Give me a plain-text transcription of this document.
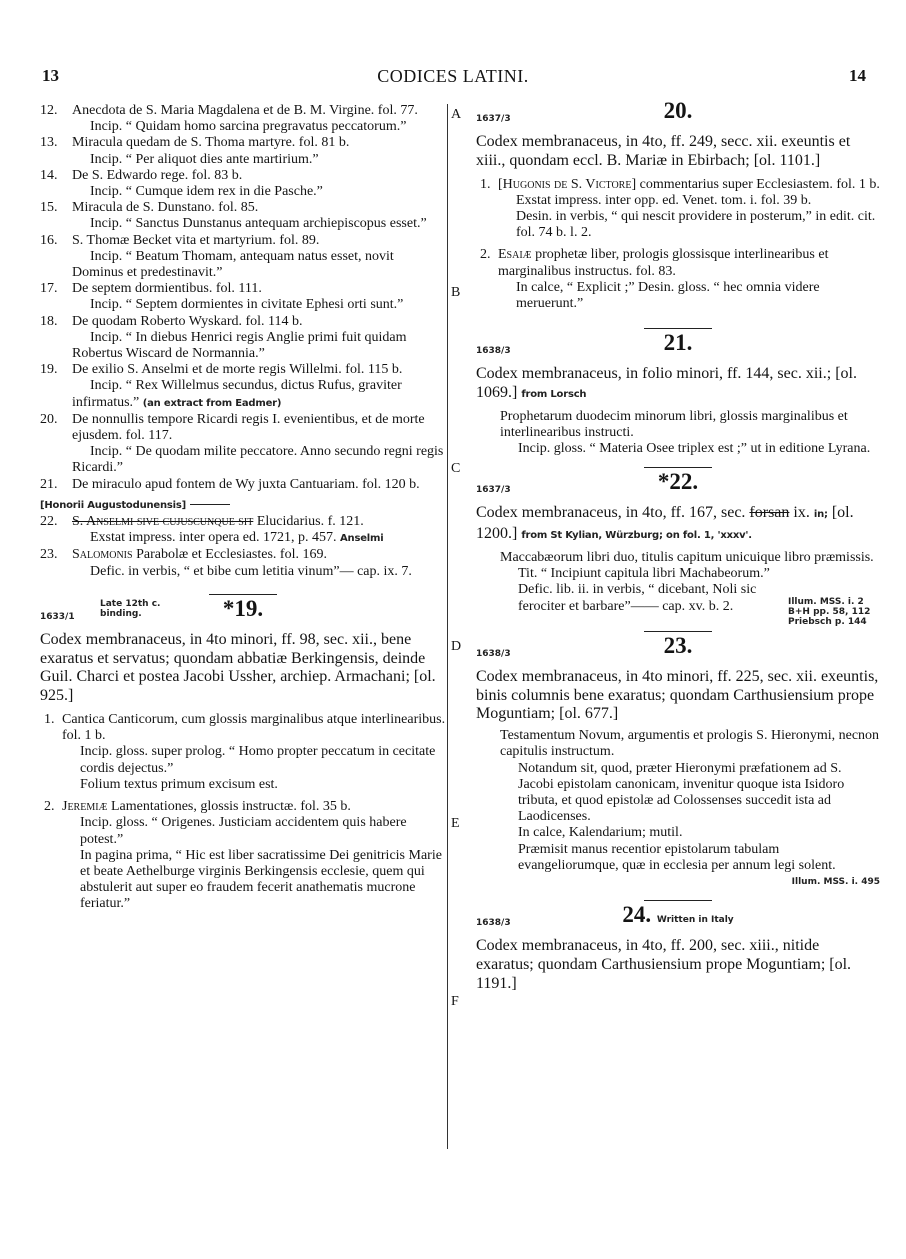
13	CODICES LATINI.	14
A
B
C
D
E
F
12. Anecdota de S. Maria Magdalena et de B. M. Virgine. fol. 77.
Incip. “ Quidam homo sarcina pregravatus peccatorum.”
13. Miracula quedam de S. Thoma martyre. fol. 81 b.
Incip. “ Per aliquot dies ante martirium.”
14. De S. Edwardo rege. fol. 83 b.
Incip. “ Cumque idem rex in die Pasche.”
15. Miracula de S. Dunstano. fol. 85.
Incip. “ Sanctus Dunstanus antequam archiepiscopus esset.”
16. S. Thomæ Becket vita et martyrium. fol. 89.
Incip. “ Beatum Thomam, antequam natus esset, novit Dominus et predestinavit.”
17. De septem dormientibus. fol. 111.
Incip. “ Septem dormientes in civitate Ephesi orti sunt.”
18. De quodam Roberto Wyskard. fol. 114 b.
Incip. “ In diebus Henrici regis Anglie primi fuit quidam Robertus Wiscard de Normannia.”
19. De exilio S. Anselmi et de morte regis Willelmi. fol. 115 b.
Incip. “ Rex Willelmus secundus, dictus Rufus, graviter infirmatus.” (an extract from Eadmer)
20. De nonnullis tempore Ricardi regis I. evenientibus, et de morte ejusdem. fol. 117.
Incip. “ De quodam milite peccatore. Anno secundo regni regis Ricardi.”
21. De miraculo apud fontem de Wy juxta Cantuariam. fol. 120 b.
[Honorii Augustodunensis]
22. S. Anselmi sive cujuscunque sit Elucidarius. f. 121.
Exstat impress. inter opera ed. 1721, p. 457. Anselmi
23. Salomonis Parabolæ et Ecclesiastes. fol. 169.
Defic. in verbis, “ et bibe cum letitia vinum”— cap. ix. 7.
1633/1
Late 12th c. binding.	*19.
Codex membranaceus, in 4to minori, ff. 98, sec. xii., bene exaratus et servatus; quondam abbatiæ Berkingensis, deinde Guil. Charci et postea Jacobi Ussher, archiep. Armachani; [ol. 925.]
1. Cantica Canticorum, cum glossis marginalibus atque interlinearibus. fol. 1 b.
Incip. gloss. super prolog. “ Homo propter peccatum in cecitate cordis dejectus.”
Folium textus primum excisum est.
2. Jeremiæ Lamentationes, glossis instructæ. fol. 35 b.
Incip. gloss. “ Origenes. Justiciam accidentem quis habere potest.”
In pagina prima, “ Hic est liber sacratissime Dei genitricis Marie et beate Aethelburge virginis Berkingensis ecclesie, quem qui abstulerit aut super eo fraudem fecerit anathematis mucrone feriatur.”
1637/3	20.
Codex membranaceus, in 4to, ff. 249, secc. xii. exeuntis et xiii., quondam eccl. B. Mariæ in Ebirbach; [ol. 1101.]
1. [Hugonis de S. Victore] commentarius super Ecclesiastem. fol. 1 b.
Exstat impress. inter opp. ed. Venet. tom. i. fol. 39 b.
Desin. in verbis, “ qui nescit providere in posterum,” in edit. cit. fol. 74 b. l. 2.
2. Esaiæ prophetæ liber, prologis glossisque interlinearibus et marginalibus instructus. fol. 83.
In calce, “ Explicit ;” Desin. gloss. “ hec omnia videre meruerunt.”
1638/3	21.
Codex membranaceus, in folio minori, ff. 144, sec. xii.; [ol. 1069.] from Lorsch
Prophetarum duodecim minorum libri, glossis marginalibus et interlinearibus instructi.
Incip. gloss. “ Materia Osee triplex est ;” ut in editione Lyrana.
1637/3	*22.
Codex membranaceus, in 4to, ff. 167, sec. forsan ix. in; [ol. 1200.] from St Kylian, Würzburg; on fol. 1, 'xxxv'.
Maccabæorum libri duo, titulis capitum unicuique libro præmissis.
Tit. “ Incipiunt capitula libri Machabeorum.”
Defic. lib. ii. in verbis, “ dicebant, Noli sic ferociter et barbare”—— cap. xv. b. 2.	Illum. MSS. i. 2
B+H pp. 58, 112
Priebsch p. 144
1638/3	23.
Codex membranaceus, in 4to minori, ff. 225, sec. xii. exeuntis, binis columnis bene exaratus; quondam Carthusiensium prope Moguntiam; [ol. 677.]
Testamentum Novum, argumentis et prologis S. Hieronymi, necnon capitulis instructum.
Notandum sit, quod, præter Hieronymi præfationem ad S. Jacobi epistolam canonicam, invenitur quoque ista Isidoro tributa, et quod epistolæ ad Colossenses succedit ista ad Laodicenses.
In calce, Kalendarium; mutil.
Præmisit manus recentior epistolarum tabulam evangeliorumque, quæ in ecclesia per annum legi solent.
Illum. MSS. i. 495
1638/3	24. Written in Italy
Codex membranaceus, in 4to, ff. 200, sec. xiii., nitide exaratus; quondam Carthusiensium prope Moguntiam; [ol. 1191.]
